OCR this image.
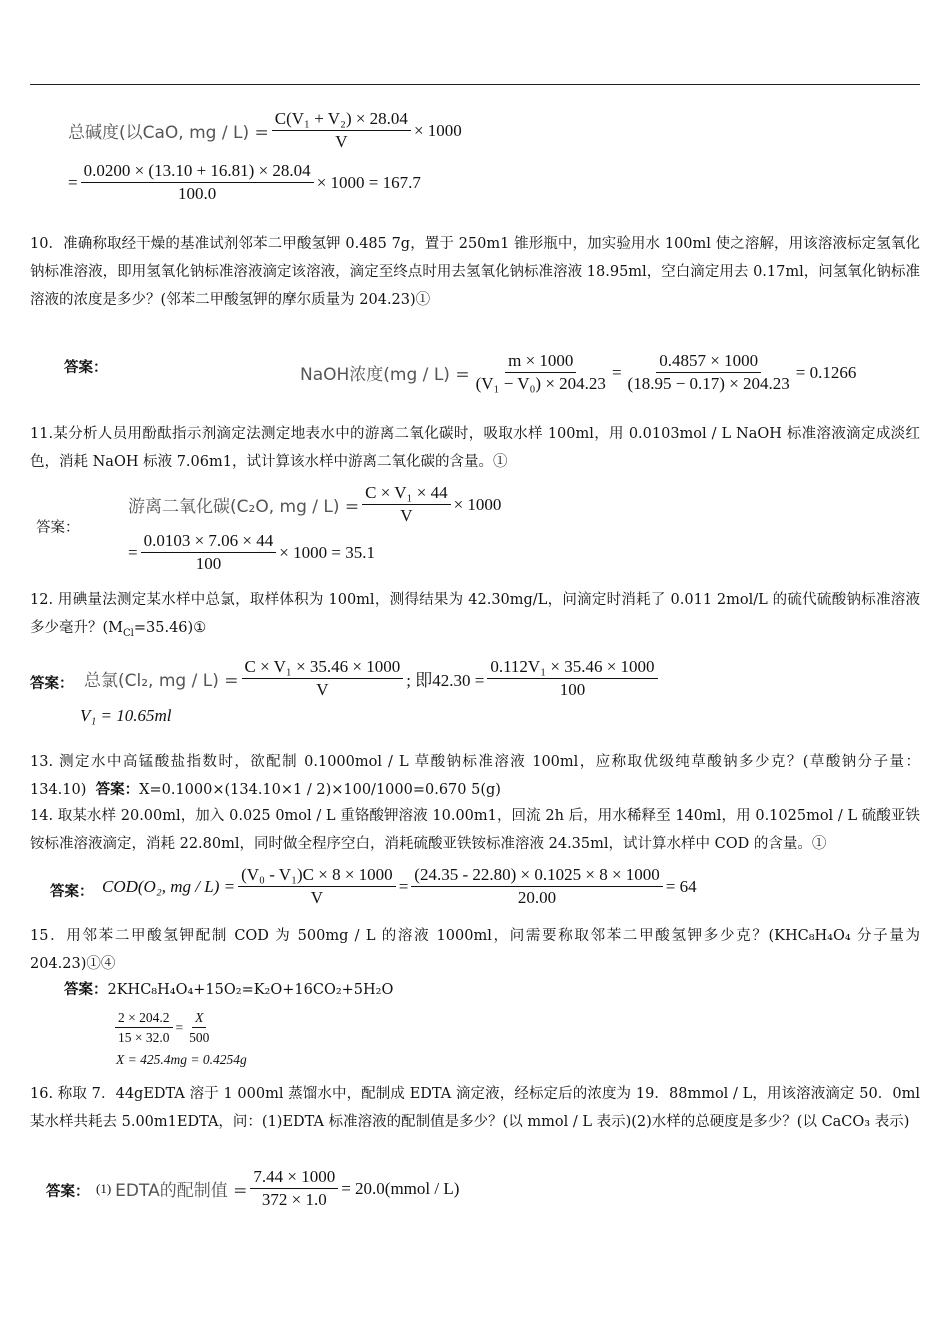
总碱度(以CaO, mg / $L) = \frac{\text{C(V₁ + V₂) × 28.04}}{V} \times 1000$
= $\frac{0.0200 \times (13.10 + 16.81) \times 28.04}{100.0} \times 1000 = 167.7$
10．准确称取经干燥的基准试剂邻苯二甲酸氢钾 0.485 7g，置于 250m1 锥形瓶中，加实验用水 100ml 使之溶解，用该溶液标定氢氧化钠标准溶液，即用氢氧化钠标准溶液滴定该溶液，滴定至终点时用去氢氧化钠标准溶液 18.95ml，空白滴定用去 0.17ml，问氢氧化钠标准溶液的浓度是多少？(邻苯二甲酸氢钾的摩尔质量为 204.23)①
答案：	NaOH浓度$(mg / L) = \frac{m \times 1000}{\text{(V₁ − V₀) × 204.23}} = \frac{0.4857 \times 1000}{(18.95 - 0.17) \times 204.23} = 0.1266$
11.某分析人员用酚酞指示剂滴定法测定地表水中的游离二氧化碳时，吸取水样 100ml，用 0.0103mol / L NaOH 标准溶液滴定成淡红色，消耗 NaOH 标液 7.06m1，试计算该水样中游离二氧化碳的含量。①
答案：
游离二氧化碳(C₂O, mg / $L) = \frac{\text{C × V₁ × 44}}{V} \times 1000$
= $\frac{0.0103 \times 7.06 \times 44}{100} \times 1000 = 35.1$
12. 用碘量法测定某水样中总氯，取样体积为 100ml，测得结果为 42.30mg/L，问滴定时消耗了 0.011 2mol/L 的硫代硫酸钠标准溶液多少毫升？$(M_{Cl}=35.46)①$
答案： 总氯(Cl₂, mg / $L) = \frac{\text{C × V₁ × 35.46 × 1000}}{V}$ ; 即$42.30 = \frac{\text{0.112V₁ × 35.46 × 1000}}{100}$
V₁ = 10.65ml
13. 测定水中高锰酸盐指数时，欲配制 0.1000mol / L 草酸钠标准溶液 100ml，应称取优级纯草酸钠多少克？(草酸钠分子量：134.10) 答案：X=0.1000×(134.10×1 / 2)×100/1000=0.670 5(g)
14. 取某水样 20.00ml，加入 0.025 0mol / L 重铬酸钾溶液 10.00m1，回流 2h 后，用水稀释至 140ml，用 0.1025mol / L 硫酸亚铁铵标准溶液滴定，消耗 22.80ml，同时做全程序空白，消耗硫酸亚铁铵标准溶液 24.35ml，试计算水样中 COD 的含量。①
答案： COD(O₂, mg / $L) = \frac{\text{(V₀ - V₁)C × 8 × 1000}}{V} = \frac{(24.35 - 22.80) \times 0.1025 \times 8 \times 1000}{20.00} = 64$
15．用邻苯二甲酸氢钾配制 COD 为 500mg / L 的溶液 1000ml，问需要称取邻苯二甲酸氢钾多少克？(KHC₈H₄O₄ 分子量为 204.23)①④
答案：2KHC₈H₄O₄+15O₂=K₂O+16CO₂+5H₂O
$\frac{2 \times 204.2}{15 \times 32.0} = \frac{X}{500}$
X = 425.4mg = 0.4254g
16. 称取 7．44gEDTA 溶于 1 000ml 蒸馏水中，配制成 EDTA 滴定液，经标定后的浓度为 19．88mmol / L，用该溶液滴定 50．0ml 某水样共耗去 5.00m1EDTA，问：(1)EDTA 标准溶液的配制值是多少？(以 mmol / L 表示)(2)水样的总硬度是多少？(以 CaCO₃ 表示)
答案： (1) EDTA的配制值 = $\frac{7.44 \times 1000}{372 \times 1.0}$ = 20.0(mmol / L)
